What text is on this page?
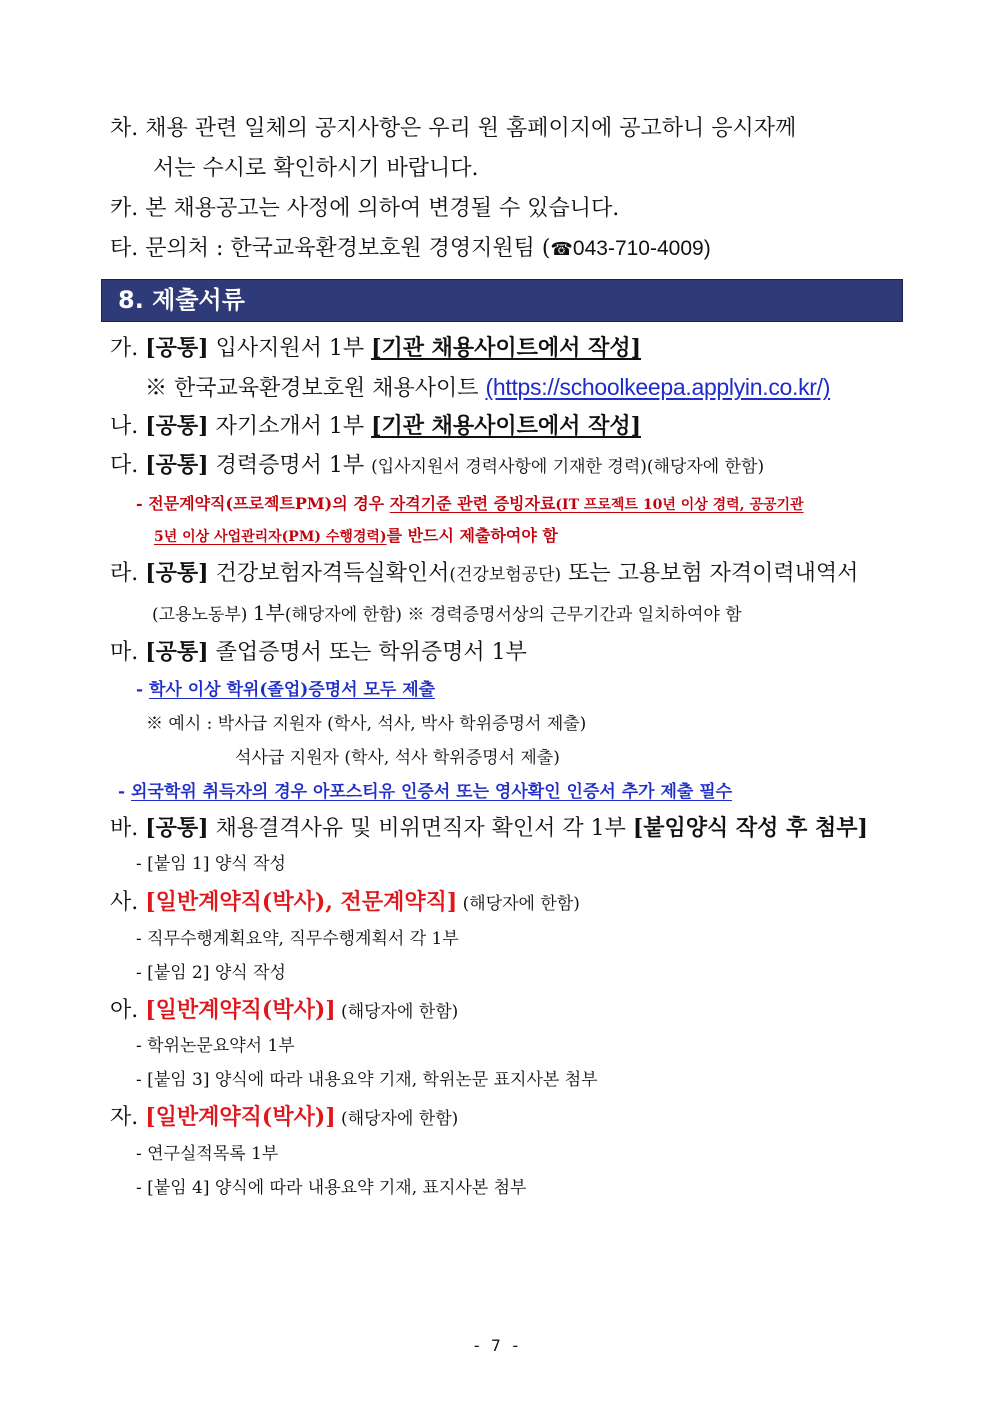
차. 채용 관련 일체의 공지사항은 우리 원 홈페이지에 공고하니 응시자께
서는 수시로 확인하시기 바랍니다.
카. 본 채용공고는 사정에 의하여 변경될 수 있습니다.
타. 문의처 : 한국교육환경보호원 경영지원팀 (☎043-710-4009)
8. 제출서류
가. [공통] 입사지원서 1부 [기관 채용사이트에서 작성]
※ 한국교육환경보호원 채용사이트 (https://schoolkeepa.applyin.co.kr/)
나. [공통] 자기소개서 1부 [기관 채용사이트에서 작성]
다. [공통] 경력증명서 1부 (입사지원서 경력사항에 기재한 경력)(해당자에 한함)
- 전문계약직(프로젝트PM)의 경우 자격기준 관련 증빙자료(IT 프로젝트 10년 이상 경력, 공공기관
5년 이상 사업관리자(PM) 수행경력)를 반드시 제출하여야 함
라. [공통] 건강보험자격득실확인서(건강보험공단) 또는 고용보험 자격이력내역서
(고용노동부) 1부(해당자에 한함) ※ 경력증명서상의 근무기간과 일치하여야 함
마. [공통] 졸업증명서 또는 학위증명서 1부
- 학사 이상 학위(졸업)증명서 모두 제출
※ 예시 : 박사급 지원자 (학사, 석사, 박사 학위증명서 제출)
석사급 지원자 (학사, 석사 학위증명서 제출)
- 외국학위 취득자의 경우 아포스티유 인증서 또는 영사확인 인증서 추가 제출 필수
바. [공통] 채용결격사유 및 비위면직자 확인서 각 1부 [붙임양식 작성 후 첨부]
- [붙임 1] 양식 작성
사. [일반계약직(박사), 전문계약직] (해당자에 한함)
- 직무수행계획요약, 직무수행계획서 각 1부
- [붙임 2] 양식 작성
아. [일반계약직(박사)] (해당자에 한함)
- 학위논문요약서 1부
- [붙임 3] 양식에 따라 내용요약 기재, 학위논문 표지사본 첨부
자. [일반계약직(박사)] (해당자에 한함)
- 연구실적목록 1부
- [붙임 4] 양식에 따라 내용요약 기재, 표지사본 첨부
- 7 -
